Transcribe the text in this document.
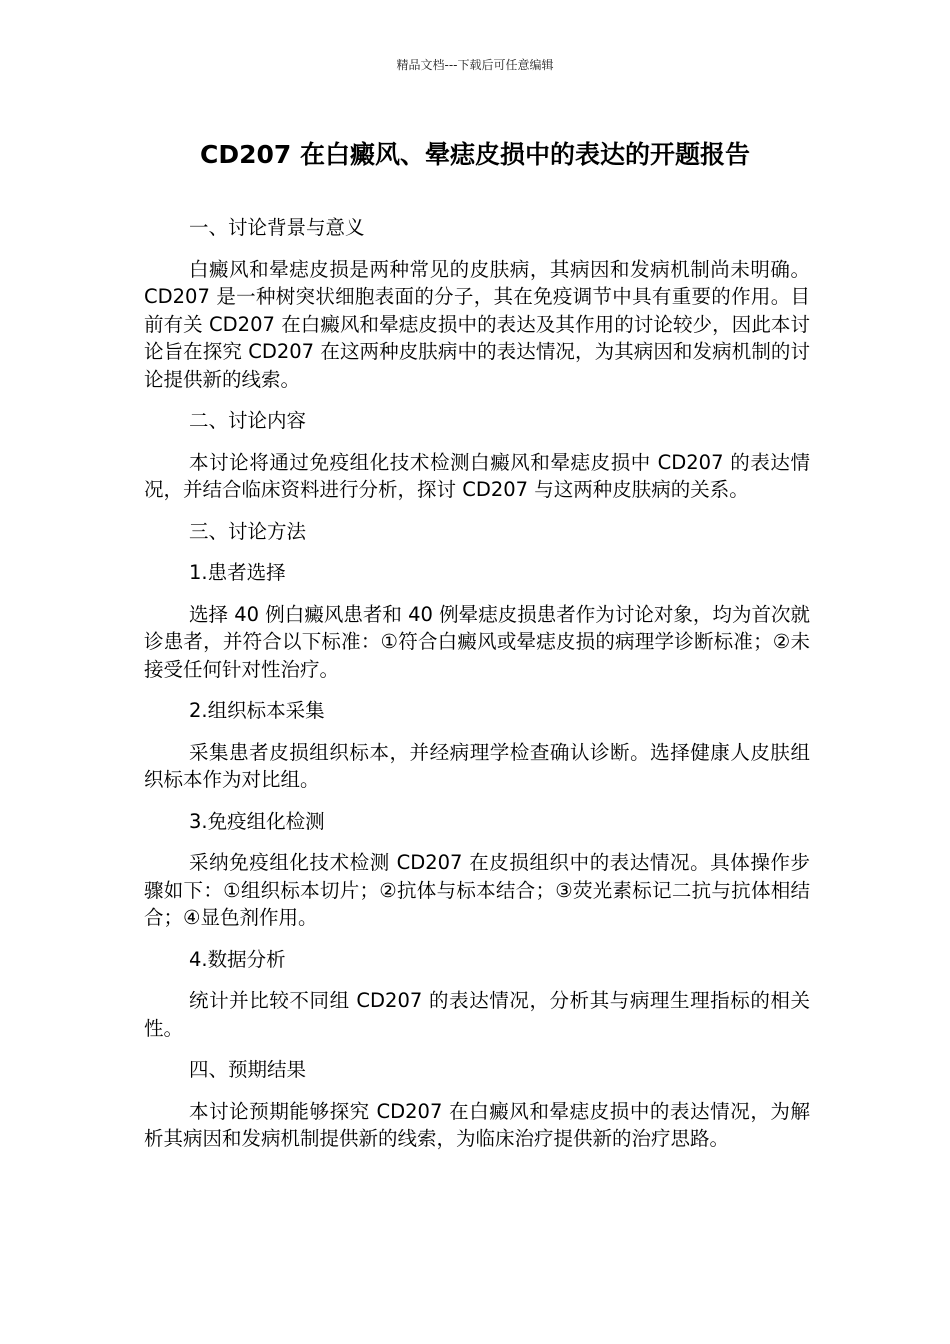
精品文档---下载后可任意编辑
CD207 在白癜风、晕痣皮损中的表达的开题报告

一、讨论背景与意义

白癜风和晕痣皮损是两种常见的皮肤病，其病因和发病机制尚未明确。CD207 是一种树突状细胞表面的分子，其在免疫调节中具有重要的作用。目前有关 CD207 在白癜风和晕痣皮损中的表达及其作用的讨论较少，因此本讨论旨在探究 CD207 在这两种皮肤病中的表达情况，为其病因和发病机制的讨论提供新的线索。

二、讨论内容

本讨论将通过免疫组化技术检测白癜风和晕痣皮损中 CD207 的表达情况，并结合临床资料进行分析，探讨 CD207 与这两种皮肤病的关系。

三、讨论方法

1.患者选择

选择 40 例白癜风患者和 40 例晕痣皮损患者作为讨论对象，均为首次就诊患者，并符合以下标准：①符合白癜风或晕痣皮损的病理学诊断标准；②未接受任何针对性治疗。

2.组织标本采集

采集患者皮损组织标本，并经病理学检查确认诊断。选择健康人皮肤组织标本作为对比组。

3.免疫组化检测

采纳免疫组化技术检测 CD207 在皮损组织中的表达情况。具体操作步骤如下：①组织标本切片；②抗体与标本结合；③荧光素标记二抗与抗体相结合；④显色剂作用。

4.数据分析

统计并比较不同组 CD207 的表达情况，分析其与病理生理指标的相关性。

四、预期结果

本讨论预期能够探究 CD207 在白癜风和晕痣皮损中的表达情况，为解析其病因和发病机制提供新的线索，为临床治疗提供新的治疗思路。
